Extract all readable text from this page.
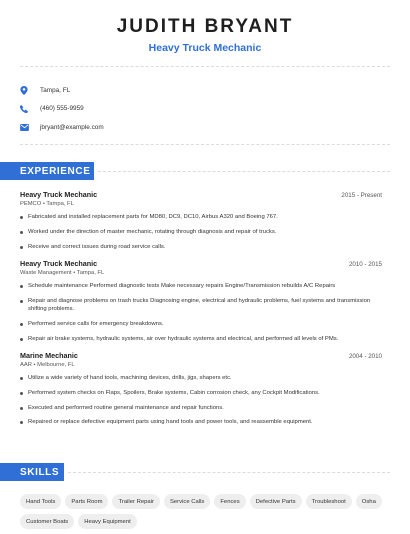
JUDITH BRYANT
Heavy Truck Mechanic
Tampa, FL
(460) 555-9959
jbryant@example.com
EXPERIENCE
Heavy Truck Mechanic	2015 - Present
PEMCO • Tampa, FL
Fabricated and installed replacement parts for MD80, DC9, DC10, Airbus A320 and Boeing 767.
Worked under the direction of master mechanic, rotating through diagnosis and repair of trucks.
Receive and correct issues during road service calls.
Heavy Truck Mechanic	2010 - 2015
Waste Management • Tampa, FL
Schedule maintenance Performed diagnostic tests Make necessary repairs Engine/Transmission rebuilds A/C Repairs
Repair and diagnose problems on trash trucks Diagnosing engine, electrical and hydraulic problems, fuel systems and transmission shifting problems.
Performed service calls for emergency breakdowns.
Repair air brake systems, hydraulic systems, air over hydraulic systems and electrical, and performed all levels of PMs.
Marine Mechanic	2004 - 2010
AAR • Melbourne, FL
Utilize a wide variety of hand tools, machining devices, drills, jigs, shapers etc.
Performed system checks on Flaps, Spoilers, Brake systems, Cabin corrosion check, any Cockpit Modifications.
Executed and performed routine general maintenance and repair functions.
Repaired or replace defective equipment parts using hand tools and power tools, and reassemble equipment.
SKILLS
Hand Tools	Parts Room	Trailer Repair	Service Calls	Fences	Defective Parts	Troubleshoot	Osha
Customer Boats	Heavy Equipment
